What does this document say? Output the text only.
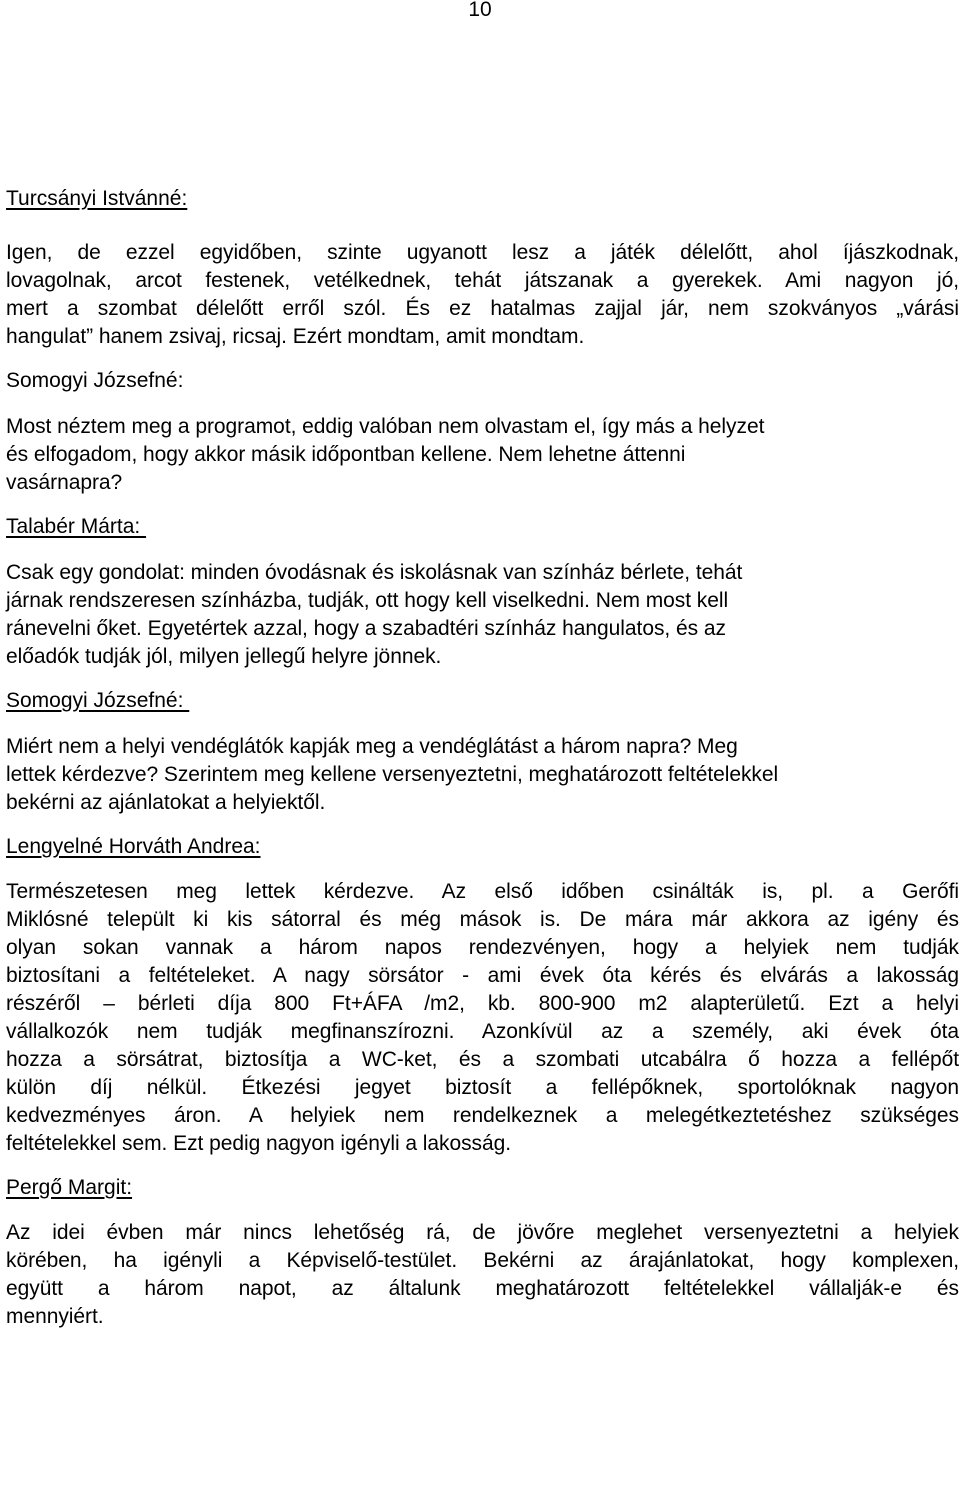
10
Turcsányi Istvánné:

Igen, de ezzel egyidőben, szinte ugyanott lesz a játék délelőtt, ahol íjászkodnak,
lovagolnak, arcot festenek, vetélkednek, tehát játszanak a gyerekek. Ami nagyon jó,
mert a szombat délelőtt erről szól. És ez hatalmas zajjal jár, nem szokványos „várási
hangulat” hanem zsivaj, ricsaj. Ezért mondtam, amit mondtam.

Somogyi Józsefné:

Most néztem meg a programot, eddig valóban nem olvastam el, így más a helyzet
és elfogadom, hogy akkor másik időpontban kellene. Nem lehetne áttenni
vasárnapra?

Talabér Márta:

Csak egy gondolat: minden óvodásnak és iskolásnak van színház bérlete, tehát
járnak rendszeresen színházba, tudják, ott hogy kell viselkedni. Nem most kell
ránevelni őket. Egyetértek azzal, hogy a szabadtéri színház hangulatos, és az
előadók tudják jól, milyen jellegű helyre jönnek.

Somogyi Józsefné:

Miért nem a helyi vendéglátók kapják meg a vendéglátást a három napra? Meg
lettek kérdezve? Szerintem meg kellene versenyeztetni, meghatározott feltételekkel
bekérni az ajánlatokat a helyiektől.

Lengyelné Horváth Andrea:

Természetesen meg lettek kérdezve. Az első időben csinálták is, pl. a Gerőfi
Miklósné települt ki kis sátorral és még mások is. De mára már akkora az igény és
olyan sokan vannak a három napos rendezvényen, hogy a helyiek nem tudják
biztosítani a feltételeket. A nagy sörsátor - ami évek óta kérés és elvárás a lakosság
részéről – bérleti díja 800 Ft+ÁFA /m2, kb. 800-900 m2 alapterületű. Ezt a helyi
vállalkozók nem tudják megfinanszírozni. Azonkívül az a személy, aki évek óta
hozza a sörsátrat, biztosítja a WC-ket, és a szombati utcabálra ő hozza a fellépőt
külön díj nélkül. Étkezési jegyet biztosít a fellépőknek, sportolóknak nagyon
kedvezményes áron. A helyiek nem rendelkeznek a melegétkeztetéshez szükséges
feltételekkel sem. Ezt pedig nagyon igényli a lakosság.

Pergő Margit:

Az idei évben már nincs lehetőség rá, de jövőre meglehet versenyeztetni a helyiek
körében, ha igényli a Képviselő-testület. Bekérni az árajánlatokat, hogy komplexen,
együtt a három napot, az általunk meghatározott feltételekkel vállalják-e és
mennyiért.
